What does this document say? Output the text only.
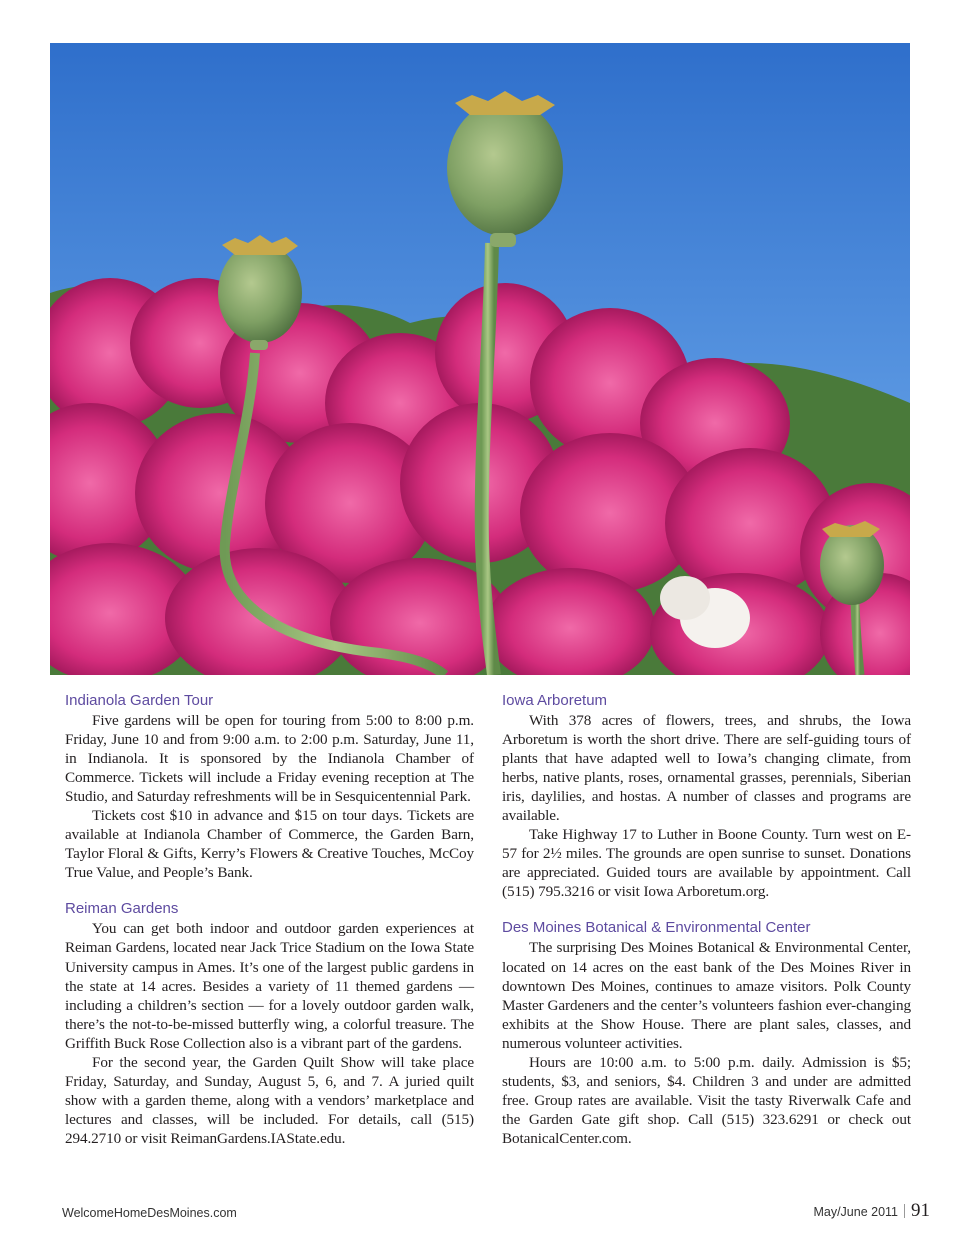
Indianola Garden Tour

Five gardens will be open for touring from 5:00 to 8:00 p.m. Friday, June 10 and from 9:00 a.m. to 2:00 p.m. Saturday, June 11, in Indianola. It is sponsored by the Indianola Chamber of Commerce. Tickets will include a Friday evening reception at The Studio, and Saturday refreshments will be in Sesquicentennial Park.

Tickets cost $10 in advance and $15 on tour days. Tickets are available at Indianola Chamber of Commerce, the Garden Barn, Taylor Floral & Gifts, Kerry’s Flowers & Creative Touches, McCoy True Value, and People’s Bank.

Reiman Gardens

You can get both indoor and outdoor garden experiences at Reiman Gardens, located near Jack Trice Stadium on the Iowa State University campus in Ames. It’s one of the largest public gardens in the state at 14 acres. Besides a variety of 11 themed gardens — including a children’s section — for a lovely outdoor garden walk, there’s the not-to-be-missed butterfly wing, a colorful treasure. The Griffith Buck Rose Collection also is a vibrant part of the gardens.

For the second year, the Garden Quilt Show will take place Friday, Saturday, and Sunday, August 5, 6, and 7. A juried quilt show with a garden theme, along with a vendors’ marketplace and lectures and classes, will be included. For details, call (515) 294.2710 or visit ReimanGardens.IAState.edu.

Iowa Arboretum

With 378 acres of flowers, trees, and shrubs, the Iowa Arboretum is worth the short drive. There are self-guiding tours of plants that have adapted well to Iowa’s changing climate, from herbs, native plants, roses, ornamental grasses, perennials, Siberian iris, daylilies, and hostas. A number of classes and programs are available.

Take Highway 17 to Luther in Boone County. Turn west on E-57 for 2½ miles. The grounds are open sunrise to sunset. Donations are appreciated. Guided tours are available by appointment. Call (515) 795.3216 or visit Iowa Arboretum.org.

Des Moines Botanical & Environmental Center

The surprising Des Moines Botanical & Environmental Center, located on 14 acres on the east bank of the Des Moines River in downtown Des Moines, continues to amaze visitors. Polk County Master Gardeners and the center’s volunteers fashion ever-changing exhibits at the Show House. There are plant sales, classes, and numerous volunteer activities.

Hours are 10:00 a.m. to 5:00 p.m. daily. Admission is $5; students, $3, and seniors, $4. Children 3 and under are admitted free. Group rates are available. Visit the tasty Riverwalk Cafe and the Garden Gate gift shop. Call (515) 323.6291 or check out BotanicalCenter.com.

WelcomeHomeDesMoines.com	May/June 2011 91
